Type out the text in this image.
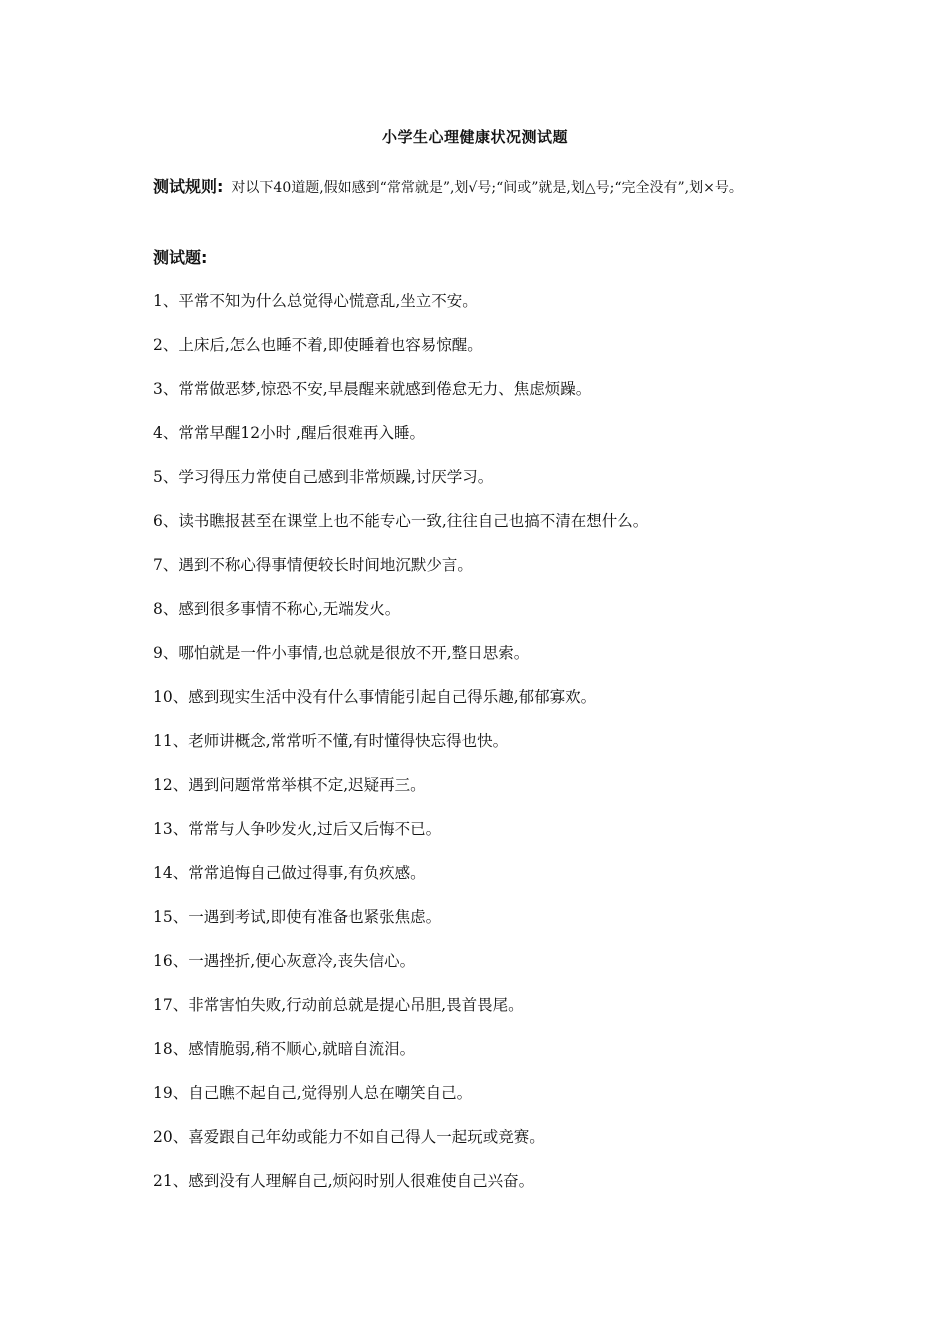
小学生心理健康状况测试题
测试规则: 对以下40道题,假如感到“常常就是”,划√号;“间或”就是,划△号;“完全没有”,划×号。
测试题:
1、平常不知为什么总觉得心慌意乱,坐立不安。
2、上床后,怎么也睡不着,即使睡着也容易惊醒。
3、常常做恶梦,惊恐不安,早晨醒来就感到倦怠无力、焦虑烦躁。
4、常常早醒12小时 ,醒后很难再入睡。
5、学习得压力常使自己感到非常烦躁,讨厌学习。
6、读书瞧报甚至在课堂上也不能专心一致,往往自己也搞不清在想什么。
7、遇到不称心得事情便较长时间地沉默少言。
8、感到很多事情不称心,无端发火。
9、哪怕就是一件小事情,也总就是很放不开,整日思索。
10、感到现实生活中没有什么事情能引起自己得乐趣,郁郁寡欢。
11、老师讲概念,常常听不懂,有时懂得快忘得也快。
12、遇到问题常常举棋不定,迟疑再三。
13、常常与人争吵发火,过后又后悔不已。
14、常常追悔自己做过得事,有负疚感。
15、一遇到考试,即使有准备也紧张焦虑。
16、一遇挫折,便心灰意冷,丧失信心。
17、非常害怕失败,行动前总就是提心吊胆,畏首畏尾。
18、感情脆弱,稍不顺心,就暗自流泪。
19、自己瞧不起自己,觉得别人总在嘲笑自己。
20、喜爱跟自己年幼或能力不如自己得人一起玩或竞赛。
21、感到没有人理解自己,烦闷时别人很难使自己兴奋。
